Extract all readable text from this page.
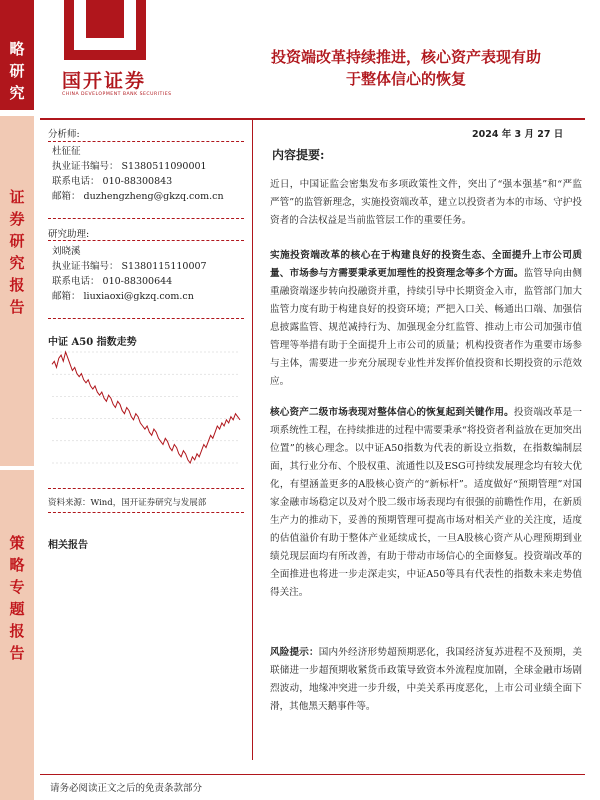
略
研
究
证
券
研
究
报
告
策
略
专
题
报
告
国开证券
CHINA DEVELOPMENT BANK SECURITIES
投资端改革持续推进，核心资产表现有助
于整体信心的恢复
分析师:
杜征征
执业证书编号： S1380511090001
联系电话： 010-88300843
邮箱： duzhengzheng@gkzq.com.cn
研究助理:
刘晓溪
执业证书编号： S1380115110007
联系电话： 010-88300644
邮箱： liuxiaoxi@gkzq.com.cn
中证 A50 指数走势
资料来源：Wind，国开证券研究与发展部
相关报告
2024 年 3 月 27 日
内容提要:
近日，中国证监会密集发布多项政策性文件，突出了“强本强基”和“严监严管”的监管新理念，实施投资端改革，建立以投资者为本的市场、守护投资者的合法权益是当前监管层工作的重要任务。
实施投资端改革的核心在于构建良好的投资生态、全面提升上市公司质量、市场参与方需要秉承更加理性的投资理念等多个方面。监管导向由侧重融资端逐步转向投融资并重，持续引导中长期资金入市，监管部门加大监管力度有助于构建良好的投资环境；严把入口关、畅通出口端、加强信息披露监管、规范减持行为、加强现金分红监管、推动上市公司加强市值管理等举措有助于全面提升上市公司的质量；机构投资者作为重要市场参与主体，需要进一步充分展现专业性并发挥价值投资和长期投资的示范效应。
核心资产二级市场表现对整体信心的恢复起到关键作用。投资端改革是一项系统性工程，在持续推进的过程中需要秉承“将投资者利益放在更加突出位置”的核心理念。以中证A50指数为代表的新设立指数，在指数编制层面，其行业分布、个股权重、流通性以及ESG可持续发展理念均有较大优化，有望涵盖更多的A股核心资产的“新标杆”。适度做好“预期管理”对国家金融市场稳定以及对个股二级市场表现均有很强的前瞻性作用，在新质生产力的推动下，妥善的预期管理可提高市场对相关产业的关注度，适度的估值溢价有助于整体产业延续成长，一旦A股核心资产从心理预期到业绩兑现层面均有所改善，有助于带动市场信心的全面修复。投资端改革的全面推进也将进一步走深走实，中证A50等具有代表性的指数未来走势值得关注。
风险提示：国内外经济形势超预期恶化，我国经济复苏进程不及预期，美联储进一步超预期收紧货币政策导致资本外流程度加剧，全球金融市场剧烈波动，地缘冲突进一步升级，中美关系再度恶化，上市公司业绩全面下滑，其他黑天鹅事件等。
请务必阅读正文之后的免责条款部分
